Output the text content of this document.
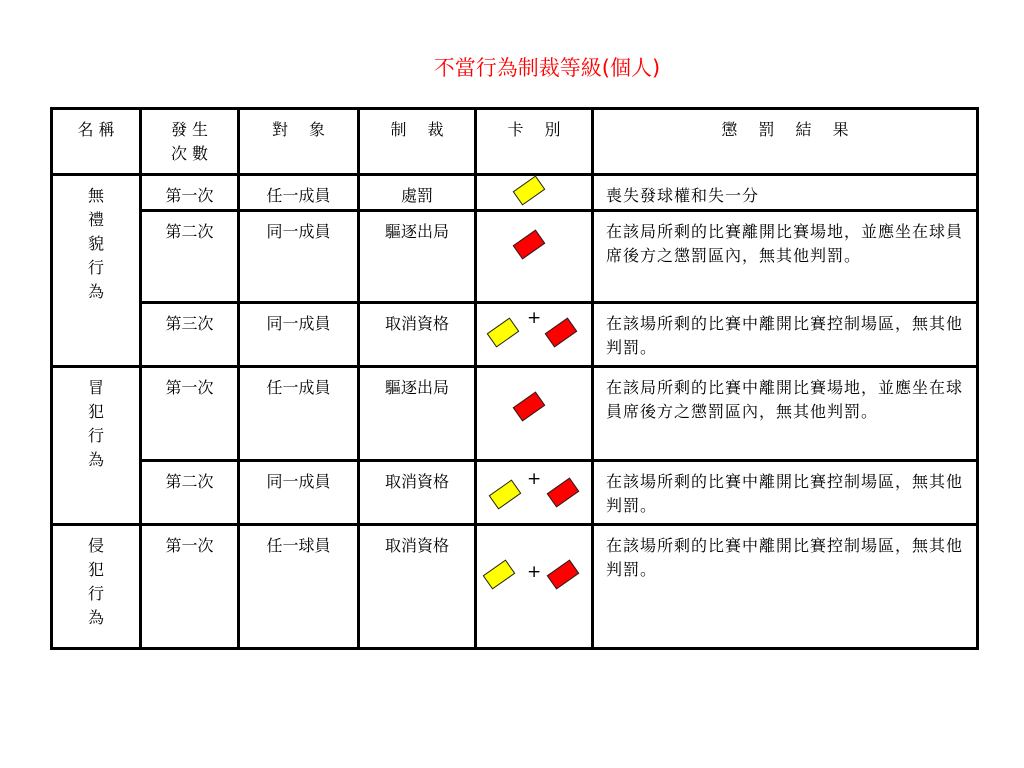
不當行為制裁等級(個人)
名 稱	發 生 次 數	對　 象	制　 裁	卡　 別	懲　 罰　 結　 果
無禮貌行為	第一次	任一成員	處罰		喪失發球權和失一分
	第二次	同一成員	驅逐出局		在該局所剩的比賽離開比賽場地，並應坐在球員席後方之懲罰區內，無其他判罰。
	第三次	同一成員	取消資格	+	在該場所剩的比賽中離開比賽控制場區，無其他判罰。
冒犯行為	第一次	任一成員	驅逐出局		在該局所剩的比賽中離開比賽場地，並應坐在球員席後方之懲罰區內，無其他判罰。
	第二次	同一成員	取消資格	+	在該場所剩的比賽中離開比賽控制場區，無其他判罰。
侵犯行為	第一次	任一球員	取消資格	+	在該場所剩的比賽中離開比賽控制場區，無其他判罰。
